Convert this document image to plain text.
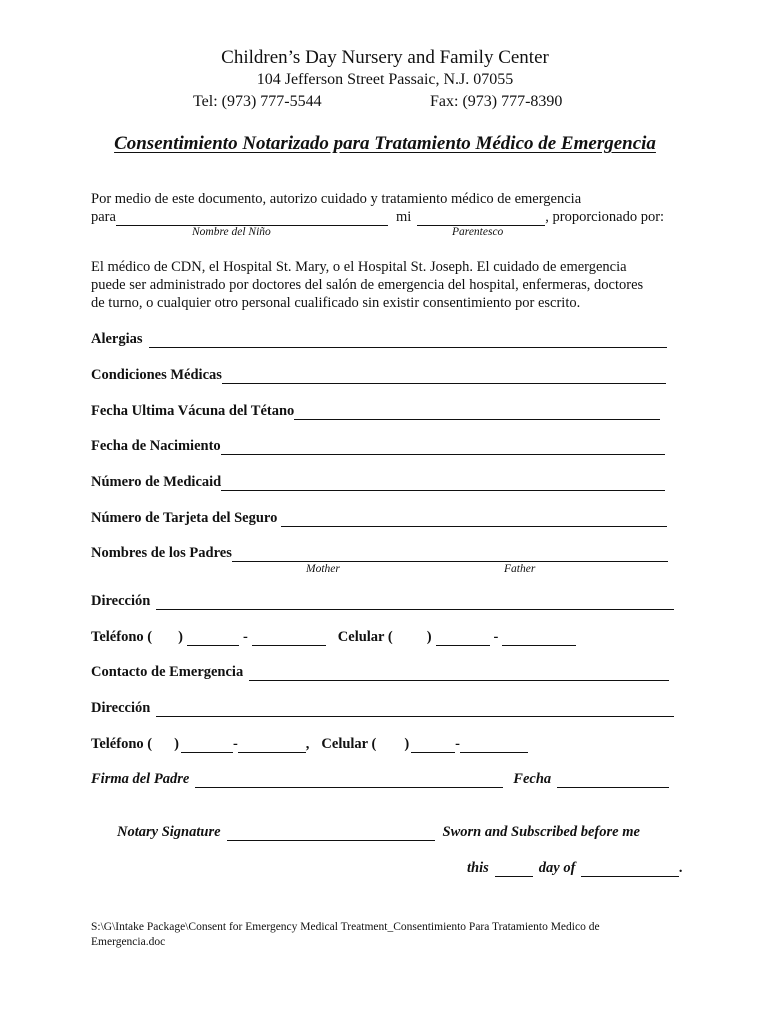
Children’s Day Nursery and Family Center
104 Jefferson Street Passaic, N.J. 07055
Tel: (973) 777-5544	Fax: (973) 777-8390
Consentimiento Notarizado para Tratamiento Médico de Emergencia
Por medio de este documento, autorizo cuidado y tratamiento médico de emergencia
para	mi	, proporcionado por:
Nombre del Niño	Parentesco
El médico de CDN, el Hospital St. Mary, o el Hospital St. Joseph. El cuidado de emergencia
puede ser administrado por doctores del salón de emergencia del hospital, enfermeras, doctores
de turno, o cualquier otro personal cualificado sin existir consentimiento por escrito.
Alergias
Condiciones Médicas
Fecha Ultima Vácuna del Tétano
Fecha de Nacimiento
Número de Medicaid
Número de Tarjeta del Seguro
Nombres de los Padres
Mother	Father
Dirección
Teléfono ( )	-	Celular ( )	-
Contacto de Emergencia
Dirección
Teléfono ( )	-	, Celular ( )	-
Firma del Padre	Fecha
Notary Signature	Sworn and Subscribed before me
this	day of	.
S:\G\Intake Package\Consent for Emergency Medical Treatment_Consentimiento Para Tratamiento Medico de
Emergencia.doc
